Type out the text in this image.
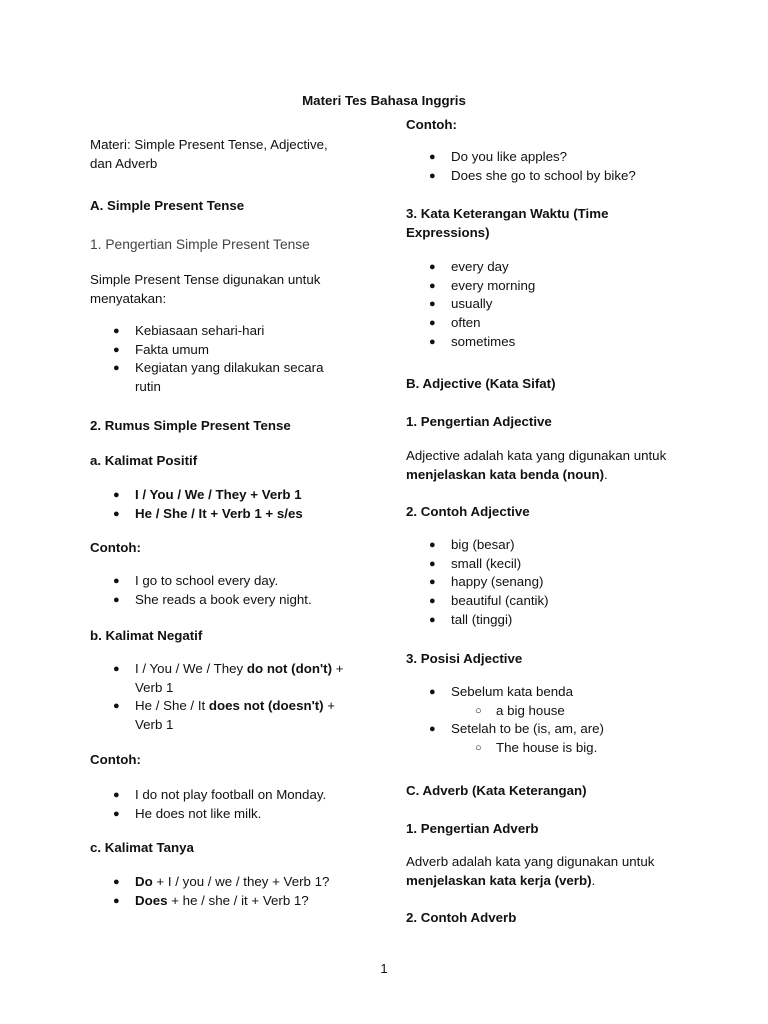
Materi Tes Bahasa Inggris
Materi: Simple Present Tense, Adjective,
dan Adverb
A. Simple Present Tense
1. Pengertian Simple Present Tense
Simple Present Tense digunakan untuk
menyatakan:
● Kebiasaan sehari-hari
● Fakta umum
● Kegiatan yang dilakukan secara
rutin
2. Rumus Simple Present Tense
a. Kalimat Positif
● I / You / We / They + Verb 1
● He / She / It + Verb 1 + s/es
Contoh:
● I go to school every day.
● She reads a book every night.
b. Kalimat Negatif
● I / You / We / They do not (don't) +
Verb 1
● He / She / It does not (doesn't) +
Verb 1
Contoh:
● I do not play football on Monday.
● He does not like milk.
c. Kalimat Tanya
● Do + I / you / we / they + Verb 1?
● Does + he / she / it + Verb 1?
Contoh:
● Do you like apples?
● Does she go to school by bike?
3. Kata Keterangan Waktu (Time
Expressions)
● every day
● every morning
● usually
● often
● sometimes
B. Adjective (Kata Sifat)
1. Pengertian Adjective
Adjective adalah kata yang digunakan untuk
menjelaskan kata benda (noun).
2. Contoh Adjective
● big (besar)
● small (kecil)
● happy (senang)
● beautiful (cantik)
● tall (tinggi)
3. Posisi Adjective
● Sebelum kata benda
○ a big house
● Setelah to be (is, am, are)
○ The house is big.
C. Adverb (Kata Keterangan)
1. Pengertian Adverb
Adverb adalah kata yang digunakan untuk
menjelaskan kata kerja (verb).
2. Contoh Adverb
1
